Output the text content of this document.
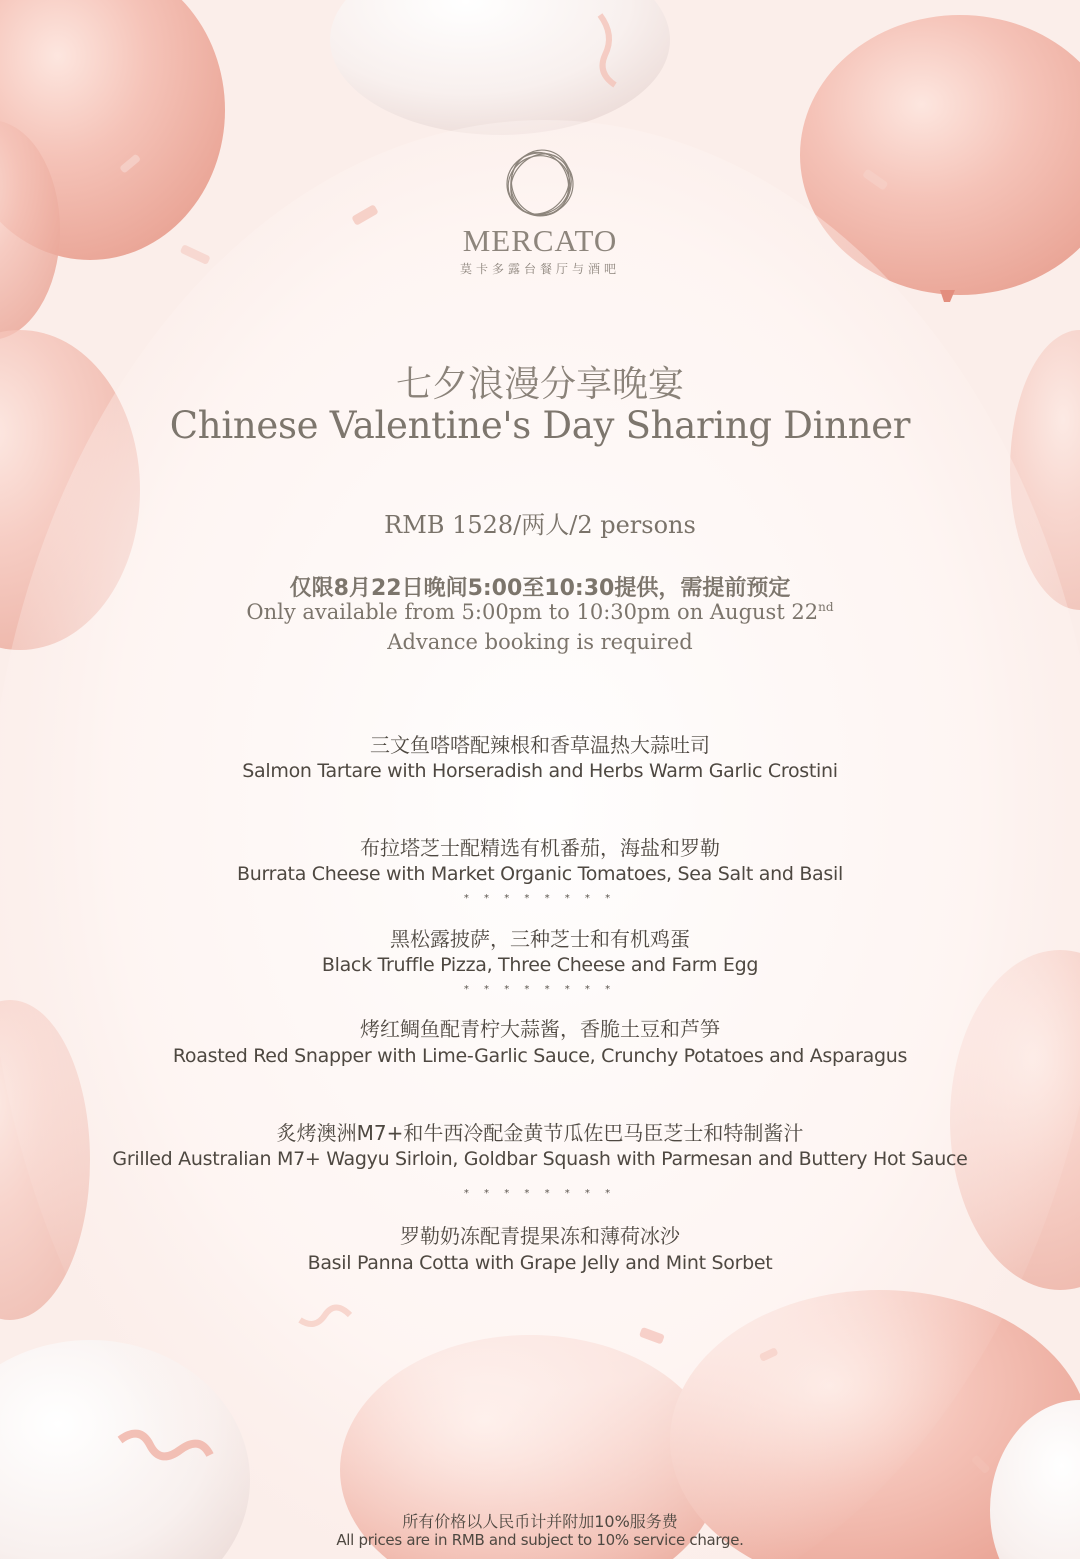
MERCATO
莫卡多露台餐厅与酒吧
七夕浪漫分享晚宴
Chinese Valentine's Day Sharing Dinner
RMB 1528/两人/2 persons
仅限8月22日晚间5:00至10:30提供，需提前预定
Only available from 5:00pm to 10:30pm on August 22nd
Advance booking is required
三文鱼嗒嗒配辣根和香草温热大蒜吐司
Salmon Tartare with Horseradish and Herbs Warm Garlic Crostini
布拉塔芝士配精选有机番茄，海盐和罗勒
Burrata Cheese with Market Organic Tomatoes, Sea Salt and Basil
* * * * * * * *
黑松露披萨，三种芝士和有机鸡蛋
Black Truffle Pizza, Three Cheese and Farm Egg
* * * * * * * *
烤红鲷鱼配青柠大蒜酱，香脆土豆和芦笋
Roasted Red Snapper with Lime-Garlic Sauce, Crunchy Potatoes and Asparagus
炙烤澳洲M7+和牛西冷配金黄节瓜佐巴马臣芝士和特制酱汁
Grilled Australian M7+ Wagyu Sirloin, Goldbar Squash with Parmesan and Buttery Hot Sauce
* * * * * * * *
罗勒奶冻配青提果冻和薄荷冰沙
Basil Panna Cotta with Grape Jelly and Mint Sorbet
所有价格以人民币计并附加10%服务费
All prices are in RMB and subject to 10% service charge.
